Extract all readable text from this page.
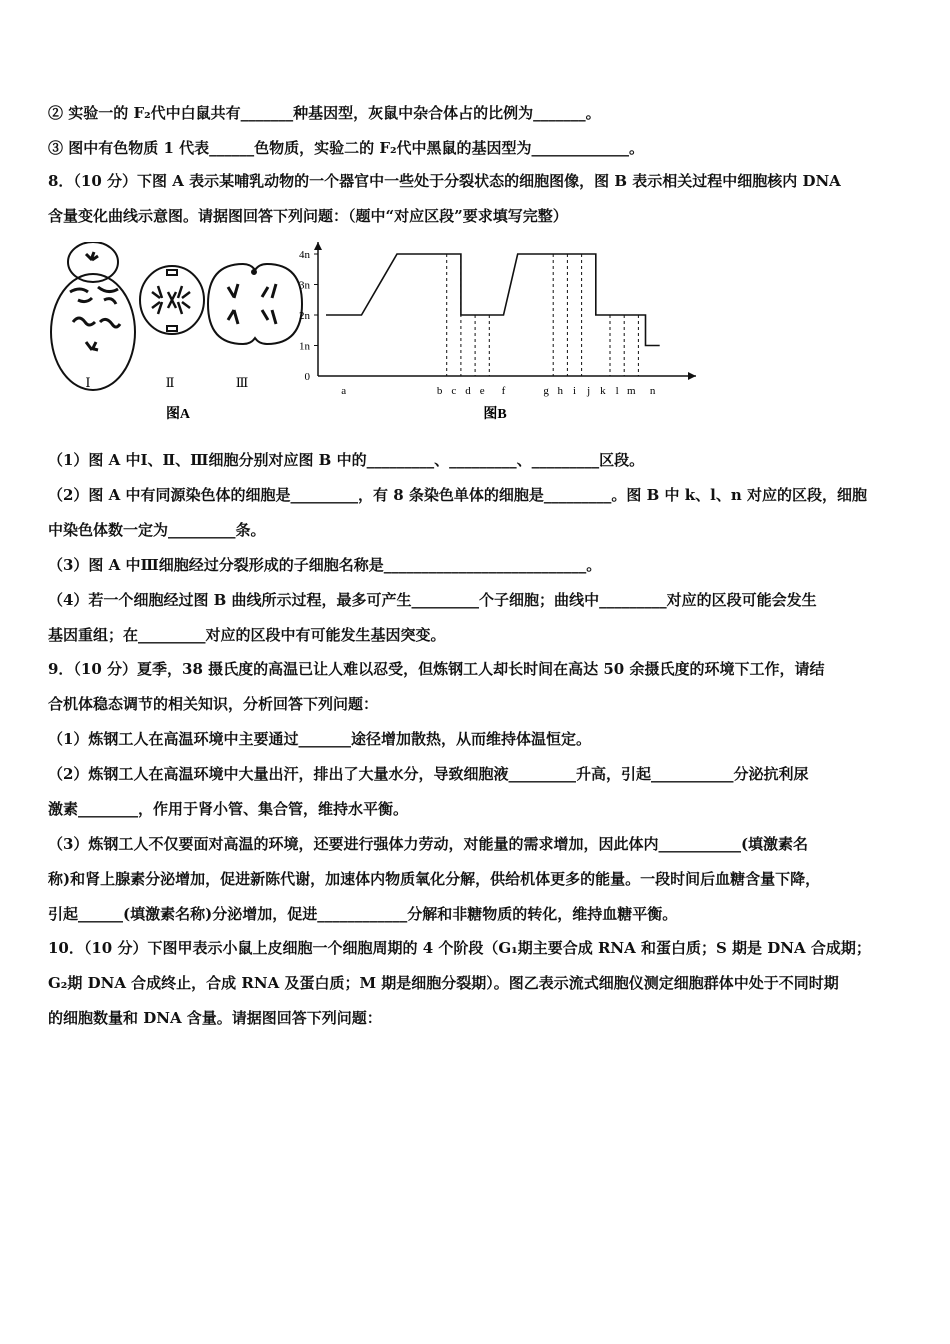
② 实验一的 F₂代中白鼠共有_______种基因型，灰鼠中杂合体占的比例为_______。
③ 图中有色物质 1 代表______色物质，实验二的 F₂代中黑鼠的基因型为_____________。
8．（10 分）下图 A 表示某哺乳动物的一个器官中一些处于分裂状态的细胞图像，图 B 表示相关过程中细胞核内 DNA
含量变化曲线示意图。请据图回答下列问题：（题中“对应区段”要求填写完整）
（1）图 A 中Ⅰ、Ⅱ、Ⅲ细胞分别对应图 B 中的_________、_________、_________区段。
（2）图 A 中有同源染色体的细胞是_________，有 8 条染色单体的细胞是_________。图 B 中 k、l、n 对应的区段，细胞
中染色体数一定为_________条。
（3）图 A 中Ⅲ细胞经过分裂形成的子细胞名称是___________________________。
（4）若一个细胞经过图 B 曲线所示过程，最多可产生_________个子细胞；曲线中_________对应的区段可能会发生
基因重组；在_________对应的区段中有可能发生基因突变。
9．（10 分）夏季，38 摄氏度的高温已让人难以忍受，但炼钢工人却长时间在高达 50 余摄氏度的环境下工作，请结
合机体稳态调节的相关知识，分析回答下列问题：
（1）炼钢工人在高温环境中主要通过_______途径增加散热，从而维持体温恒定。
（2）炼钢工人在高温环境中大量出汗，排出了大量水分，导致细胞液_________升高，引起___________分泌抗利尿
激素________，作用于肾小管、集合管，维持水平衡。
（3）炼钢工人不仅要面对高温的环境，还要进行强体力劳动，对能量的需求增加，因此体内___________(填激素名
称)和肾上腺素分泌增加，促进新陈代谢，加速体内物质氧化分解，供给机体更多的能量。一段时间后血糖含量下降，
引起______(填激素名称)分泌增加，促进____________分解和非糖物质的转化，维持血糖平衡。
10．（10 分）下图甲表示小鼠上皮细胞一个细胞周期的 4 个阶段（G₁期主要合成 RNA 和蛋白质；S 期是 DNA 合成期；
G₂期 DNA 合成终止，合成 RNA 及蛋白质；M 期是细胞分裂期）。图乙表示流式细胞仪测定细胞群体中处于不同时期
的细胞数量和 DNA 含量。请据图回答下列问题：
Ⅰ	Ⅱ	Ⅲ
图A
0
1n
2n
3n
4n
a	b c d e f	g h i j k l m n
图B
